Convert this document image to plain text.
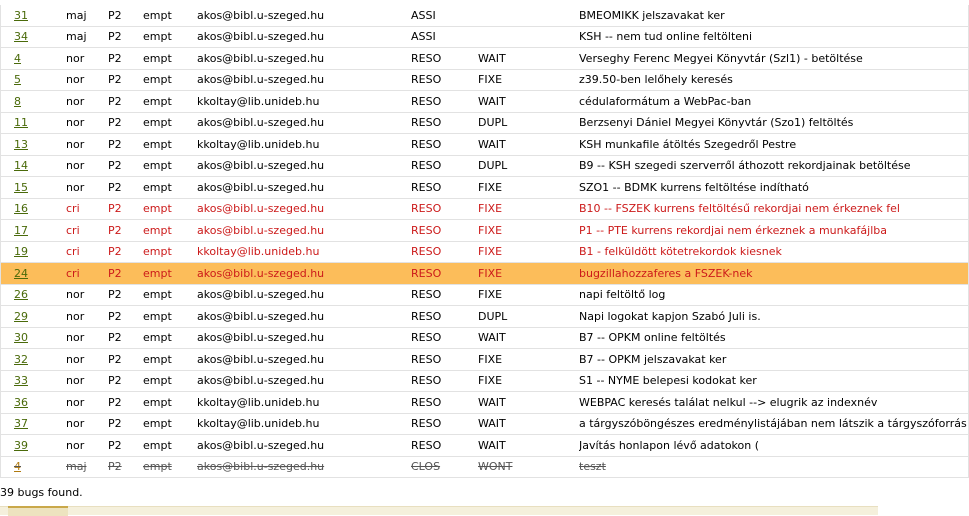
31	maj	P2	empt	akos@bibl.u-szeged.hu	ASSI		BMEOMIKK jelszavakat ker
34	maj	P2	empt	akos@bibl.u-szeged.hu	ASSI		KSH -- nem tud online feltölteni
4	nor	P2	empt	akos@bibl.u-szeged.hu	RESO	WAIT	Verseghy Ferenc Megyei Könyvtár (Szl1) - betöltése
5	nor	P2	empt	akos@bibl.u-szeged.hu	RESO	FIXE	z39.50-ben lelőhely keresés
8	nor	P2	empt	kkoltay@lib.unideb.hu	RESO	WAIT	cédulaformátum a WebPac-ban
11	nor	P2	empt	akos@bibl.u-szeged.hu	RESO	DUPL	Berzsenyi Dániel Megyei Könyvtár (Szo1) feltöltés
13	nor	P2	empt	kkoltay@lib.unideb.hu	RESO	WAIT	KSH munkafile átöltés Szegedről Pestre
14	nor	P2	empt	akos@bibl.u-szeged.hu	RESO	DUPL	B9 -- KSH szegedi szerverről áthozott rekordjainak betöltése
15	nor	P2	empt	akos@bibl.u-szeged.hu	RESO	FIXE	SZO1 -- BDMK kurrens feltöltése indítható
16	cri	P2	empt	akos@bibl.u-szeged.hu	RESO	FIXE	B10 -- FSZEK kurrens feltöltésű rekordjai nem érkeznek fel
17	cri	P2	empt	akos@bibl.u-szeged.hu	RESO	FIXE	P1 -- PTE kurrens rekordjai nem érkeznek a munkafájlba
19	cri	P2	empt	kkoltay@lib.unideb.hu	RESO	FIXE	B1 - felküldött kötetrekordok kiesnek
24	cri	P2	empt	akos@bibl.u-szeged.hu	RESO	FIXE	bugzillahozzaferes a FSZEK-nek
26	nor	P2	empt	akos@bibl.u-szeged.hu	RESO	FIXE	napi feltöltő log
29	nor	P2	empt	akos@bibl.u-szeged.hu	RESO	DUPL	Napi logokat kapjon Szabó Juli is.
30	nor	P2	empt	akos@bibl.u-szeged.hu	RESO	WAIT	B7 -- OPKM online feltöltés
32	nor	P2	empt	akos@bibl.u-szeged.hu	RESO	FIXE	B7 -- OPKM jelszavakat ker
33	nor	P2	empt	akos@bibl.u-szeged.hu	RESO	FIXE	S1 -- NYME belepesi kodokat ker
36	nor	P2	empt	kkoltay@lib.unideb.hu	RESO	WAIT	WEBPAC keresés találat nelkul --> elugrik az indexnév
37	nor	P2	empt	kkoltay@lib.unideb.hu	RESO	WAIT	a tárgyszóböngészes eredménylistájában nem látszik a tárgyszóforrás
39	nor	P2	empt	akos@bibl.u-szeged.hu	RESO	WAIT	Javítás honlapon lévő adatokon (
4	maj	P2	empt	akos@bibl.u-szeged.hu	CLOS	WONT	teszt
39 bugs found.
